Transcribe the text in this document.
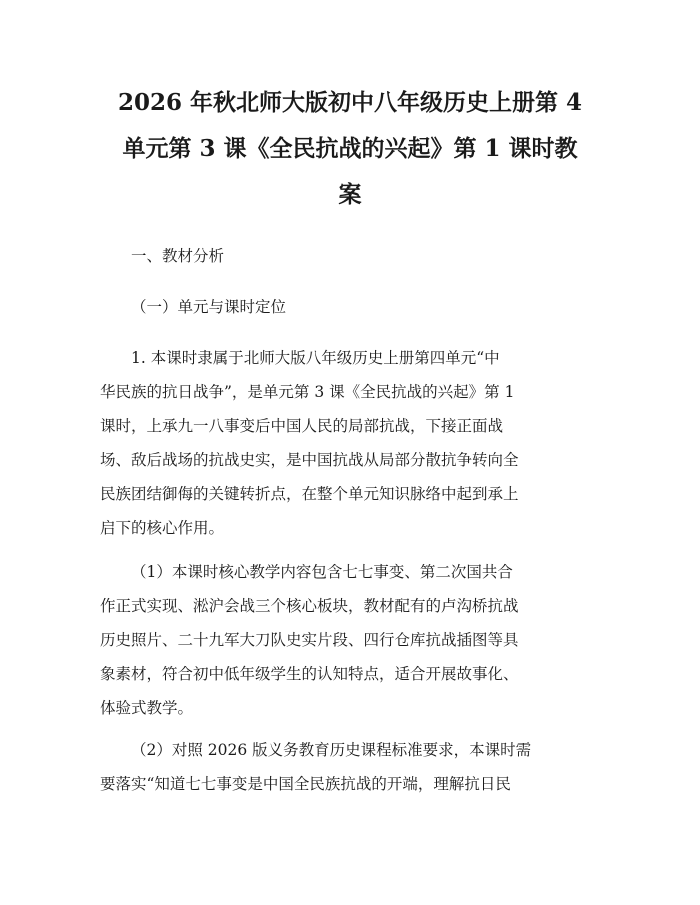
2026 年秋北师大版初中八年级历史上册第 4
单元第 3 课《全民抗战的兴起》第 1 课时教
案

一、教材分析

（一）单元与课时定位

1. 本课时隶属于北师大版八年级历史上册第四单元“中
华民族的抗日战争”，是单元第 3 课《全民抗战的兴起》第 1
课时，上承九一八事变后中国人民的局部抗战，下接正面战
场、敌后战场的抗战史实，是中国抗战从局部分散抗争转向全
民族团结御侮的关键转折点，在整个单元知识脉络中起到承上
启下的核心作用。
（1）本课时核心教学内容包含七七事变、第二次国共合
作正式实现、淞沪会战三个核心板块，教材配有的卢沟桥抗战
历史照片、二十九军大刀队史实片段、四行仓库抗战插图等具
象素材，符合初中低年级学生的认知特点，适合开展故事化、
体验式教学。
（2）对照 2026 版义务教育历史课程标准要求，本课时需
要落实“知道七七事变是中国全民族抗战的开端，理解抗日民
